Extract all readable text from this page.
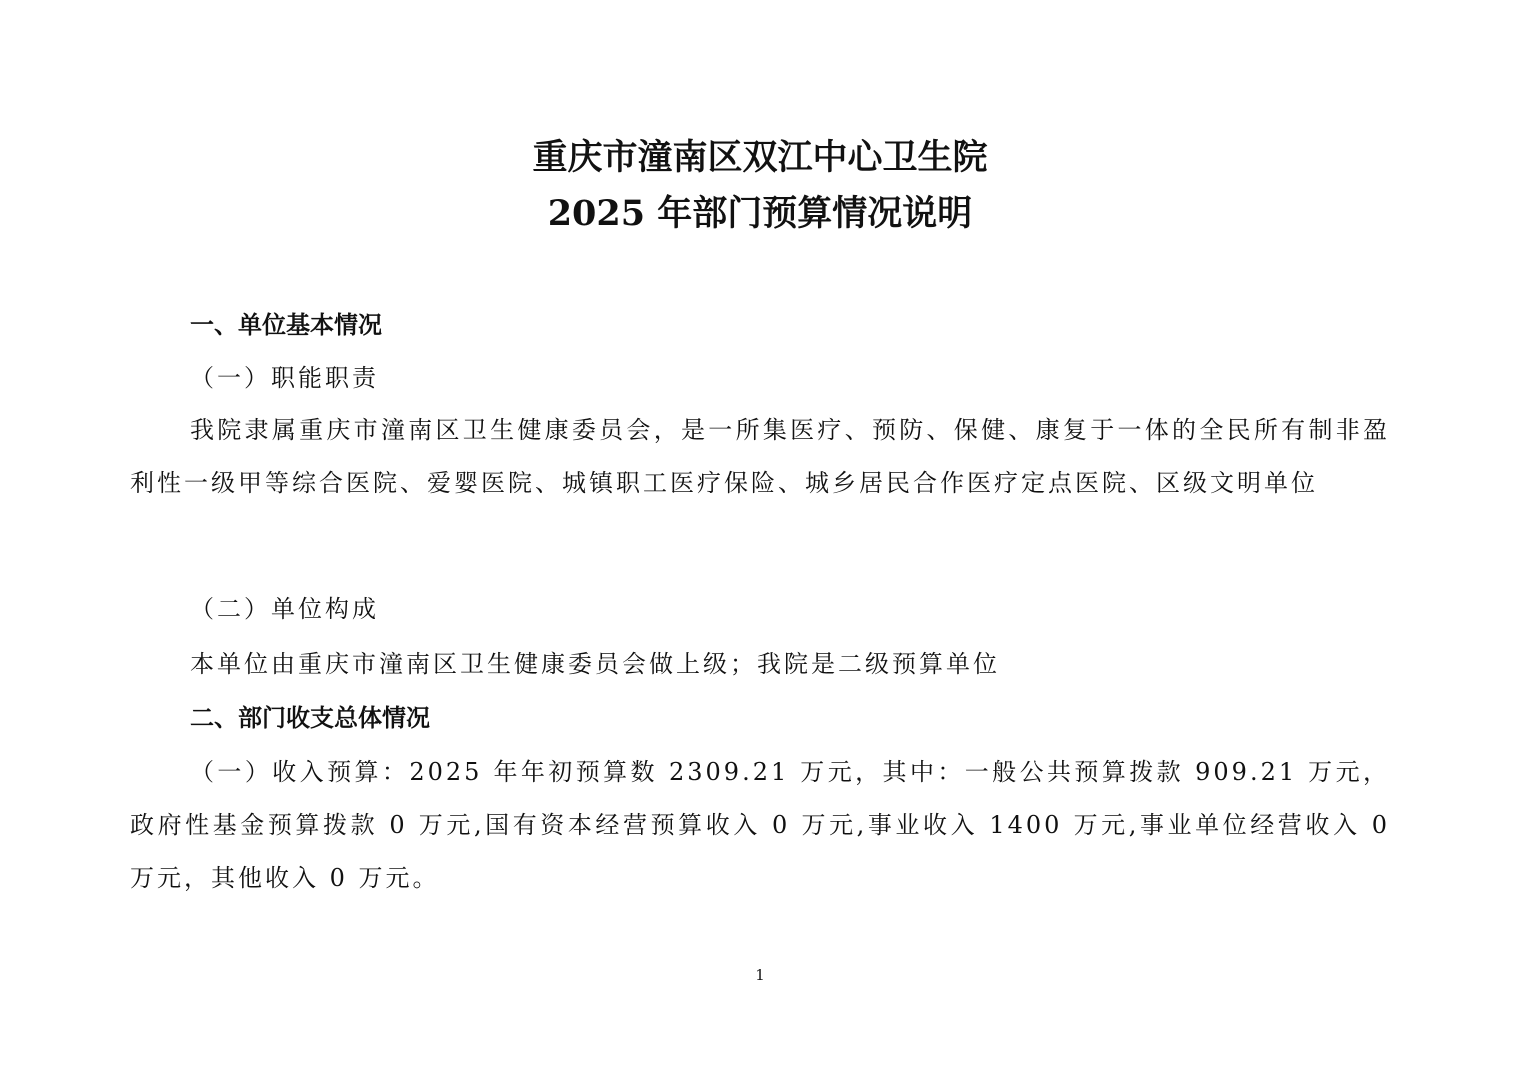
重庆市潼南区双江中心卫生院
2025 年部门预算情况说明
一、单位基本情况
（一）职能职责
我院隶属重庆市潼南区卫生健康委员会，是一所集医疗、预防、保健、康复于一体的全民所有制非盈利性一级甲等综合医院、爱婴医院、城镇职工医疗保险、城乡居民合作医疗定点医院、区级文明单位
（二）单位构成
本单位由重庆市潼南区卫生健康委员会做上级；我院是二级预算单位
二、部门收支总体情况
（一）收入预算：2025 年年初预算数 2309.21 万元，其中：一般公共预算拨款 909.21 万元，政府性基金预算拨款 0 万元,国有资本经营预算收入 0 万元,事业收入 1400 万元,事业单位经营收入 0 万元，其他收入 0 万元。
1
